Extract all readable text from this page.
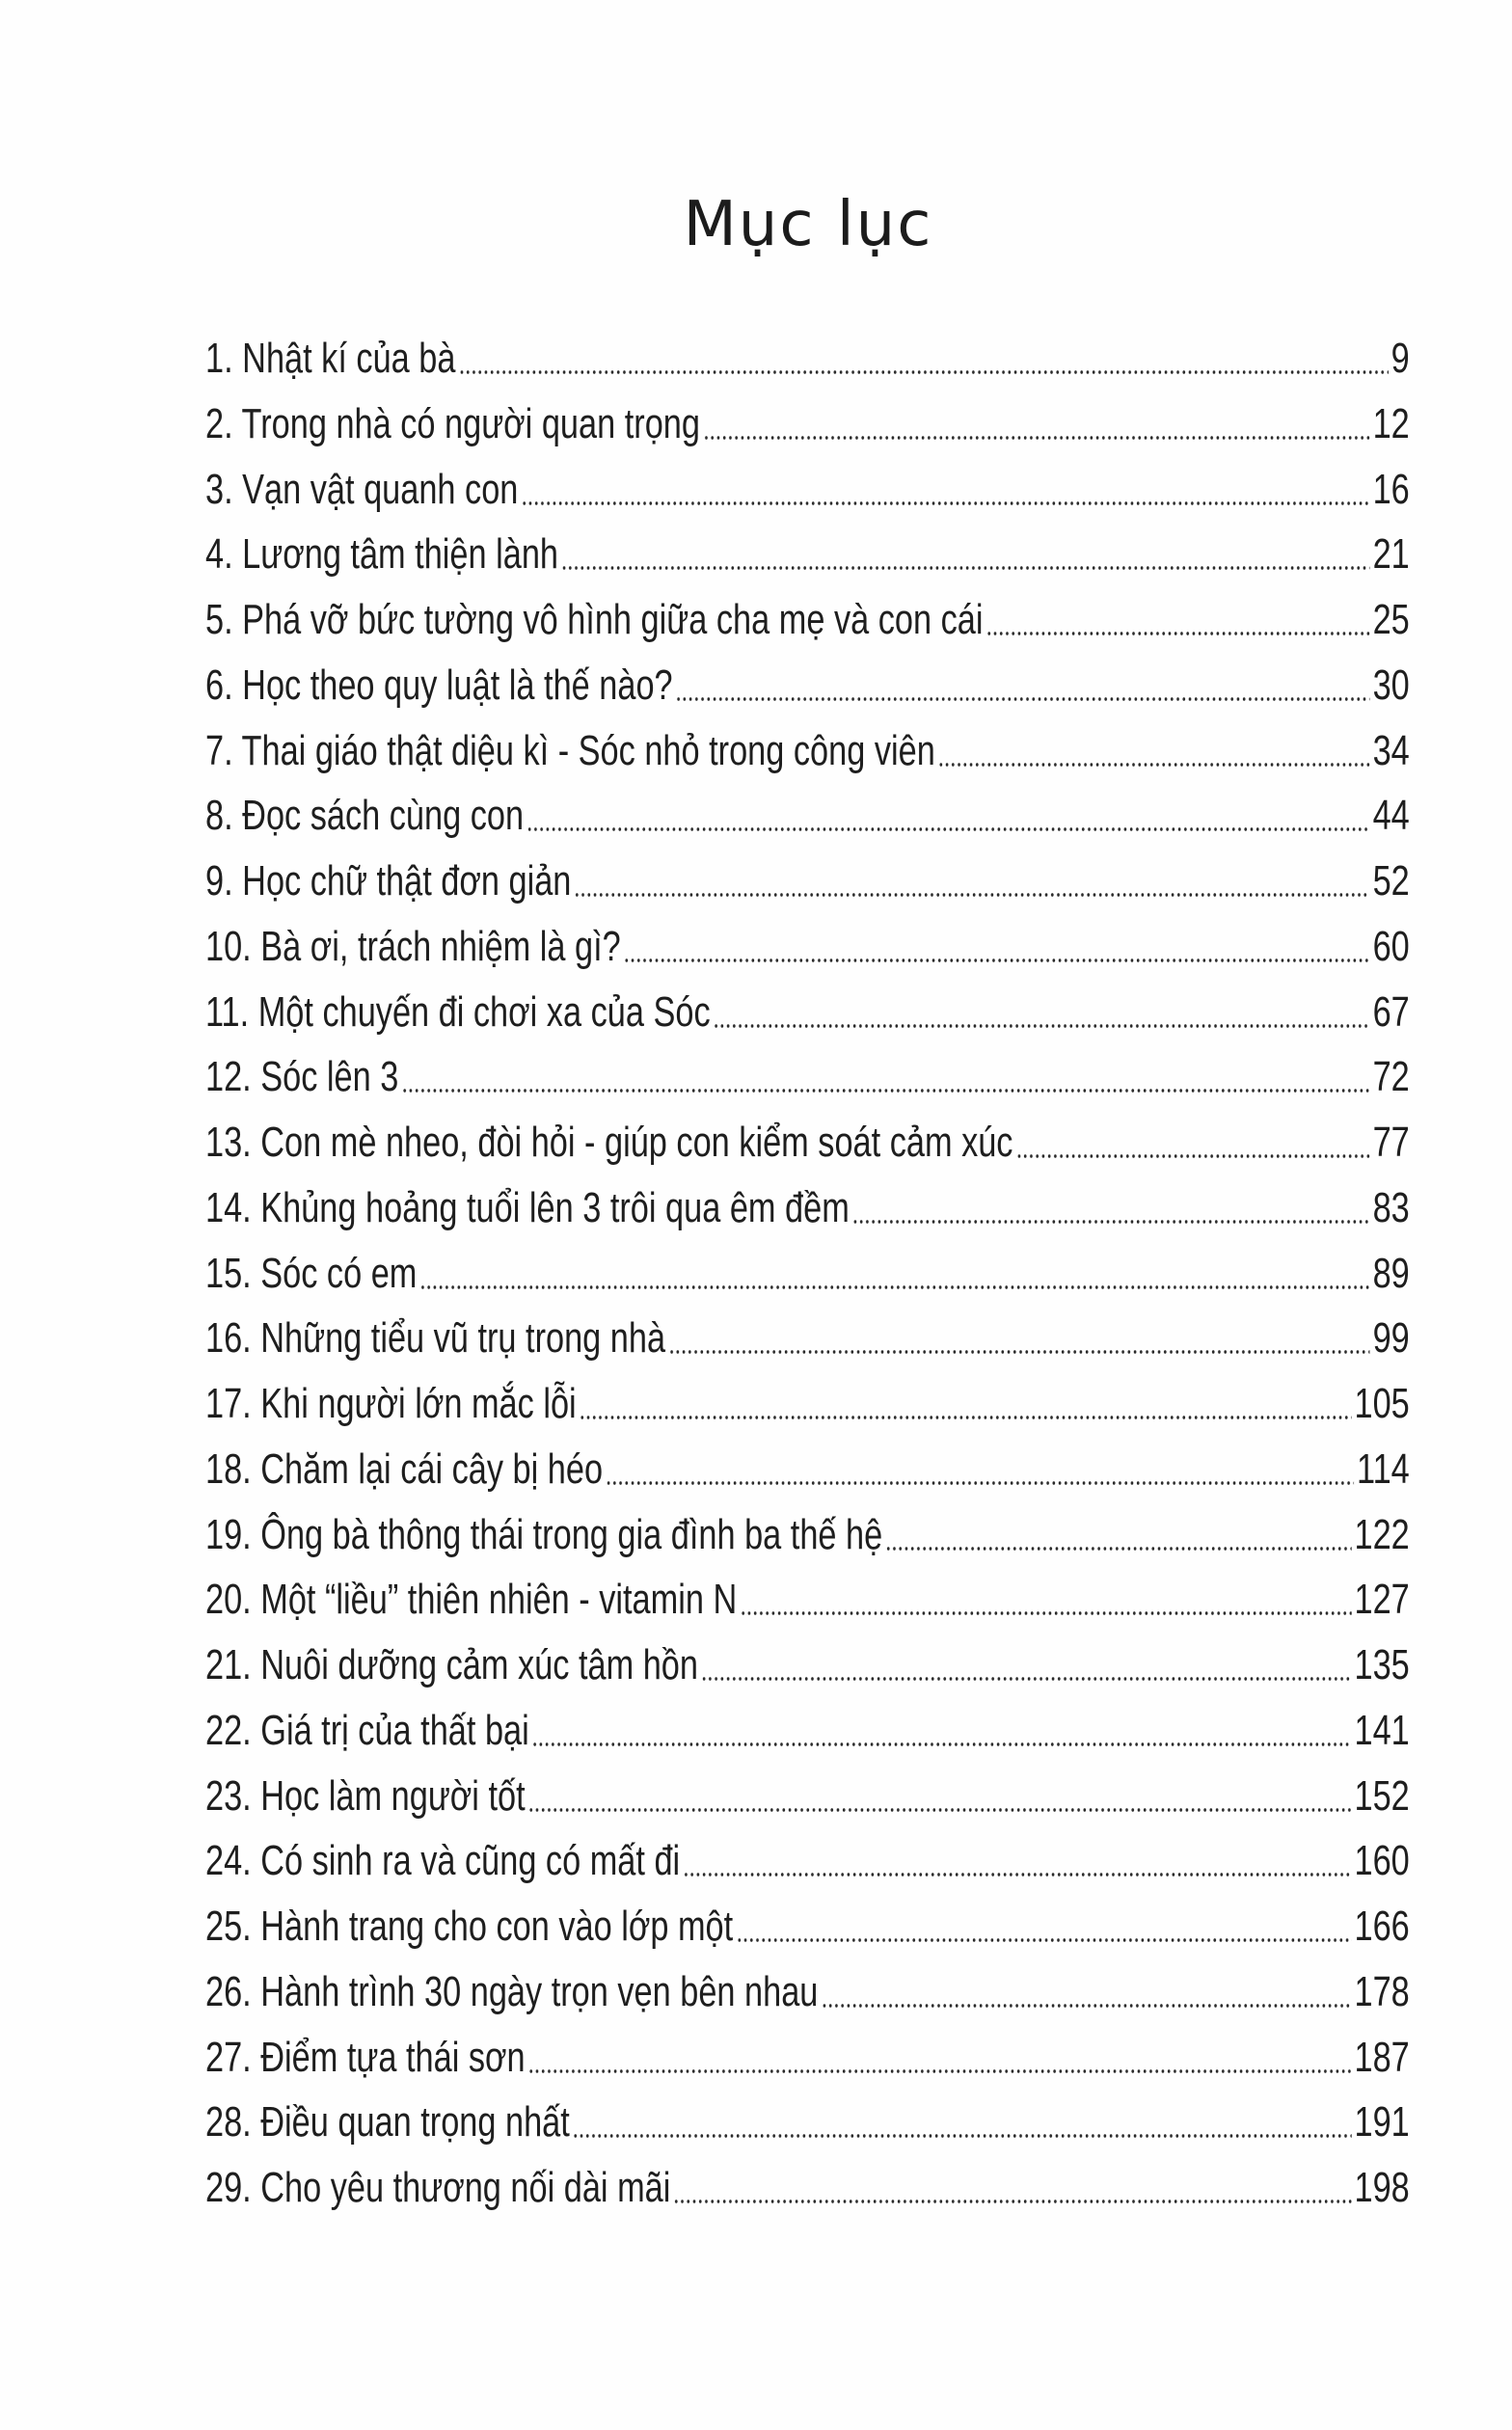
Mục lục
1. Nhật kí của bà	9
2. Trong nhà có người quan trọng	12
3. Vạn vật quanh con	16
4. Lương tâm thiện lành	21
5. Phá vỡ bức tường vô hình giữa cha mẹ và con cái	25
6. Học theo quy luật là thế nào?	30
7. Thai giáo thật diệu kì - Sóc nhỏ trong công viên	34
8. Đọc sách cùng con	44
9. Học chữ thật đơn giản	52
10. Bà ơi, trách nhiệm là gì?	60
11. Một chuyến đi chơi xa của Sóc	67
12. Sóc lên 3	72
13. Con mè nheo, đòi hỏi - giúp con kiểm soát cảm xúc	77
14. Khủng hoảng tuổi lên 3 trôi qua êm đềm	83
15. Sóc có em	89
16. Những tiểu vũ trụ trong nhà	99
17. Khi người lớn mắc lỗi	105
18. Chăm lại cái cây bị héo	114
19. Ông bà thông thái trong gia đình ba thế hệ	122
20. Một “liều” thiên nhiên - vitamin N	127
21. Nuôi dưỡng cảm xúc tâm hồn	135
22. Giá trị của thất bại	141
23. Học làm người tốt	152
24. Có sinh ra và cũng có mất đi	160
25. Hành trang cho con vào lớp một	166
26. Hành trình 30 ngày trọn vẹn bên nhau	178
27. Điểm tựa thái sơn	187
28. Điều quan trọng nhất	191
29. Cho yêu thương nối dài mãi	198
